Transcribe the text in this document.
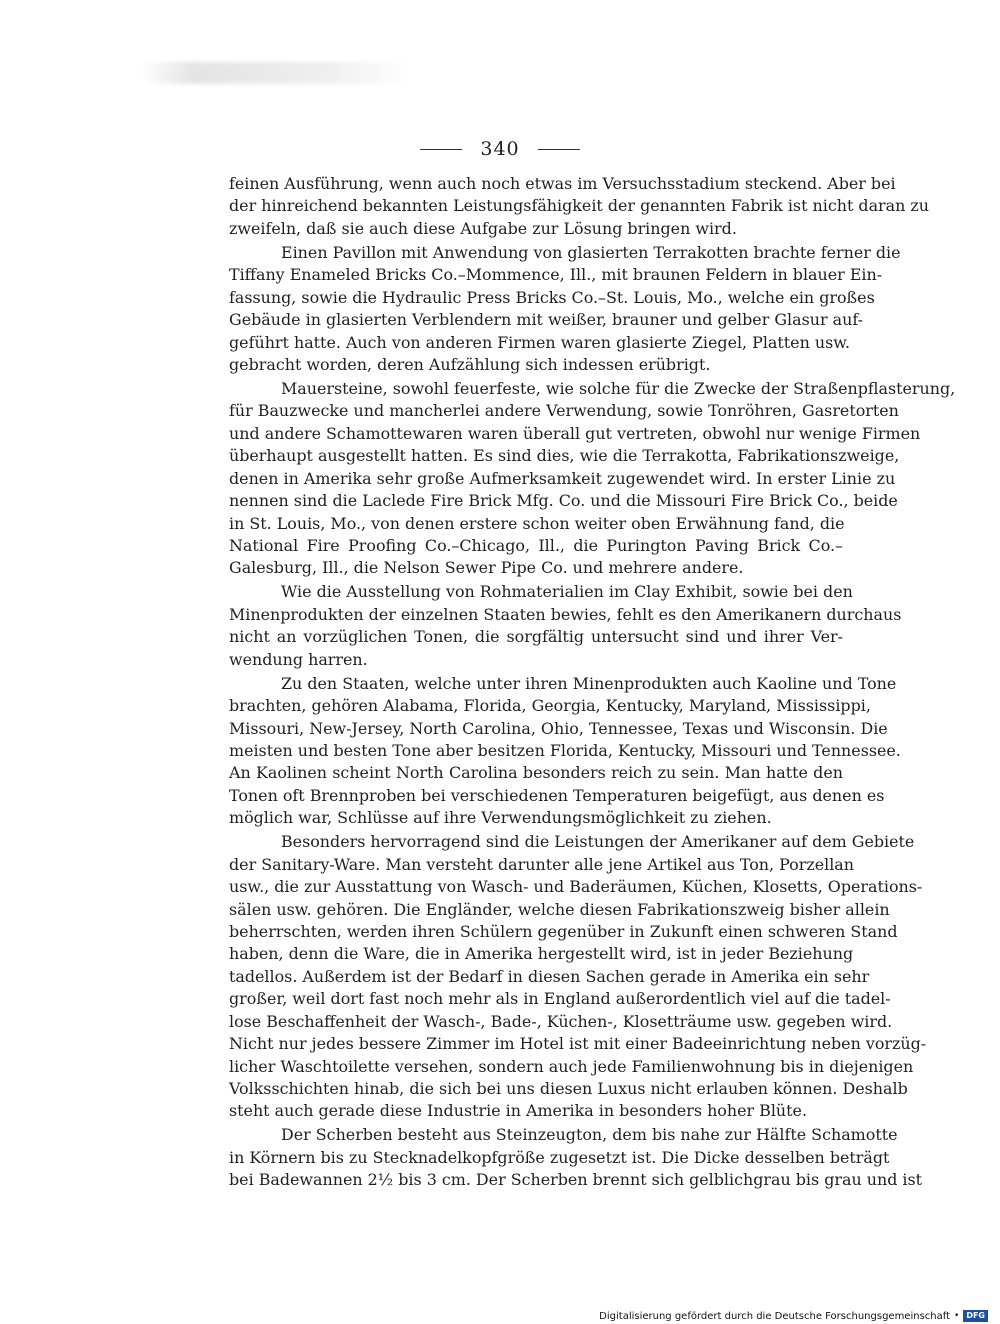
340
feinen Ausführung, wenn auch noch etwas im Versuchsstadium steckend. Aber bei
der hinreichend bekannten Leistungsfähigkeit der genannten Fabrik ist nicht daran zu
zweifeln, daß sie auch diese Aufgabe zur Lösung bringen wird.
Einen Pavillon mit Anwendung von glasierten Terrakotten brachte ferner die
Tiffany Enameled Bricks Co.–Mommence, Ill., mit braunen Feldern in blauer Ein-
fassung, sowie die Hydraulic Press Bricks Co.–St. Louis, Mo., welche ein großes
Gebäude in glasierten Verblendern mit weißer, brauner und gelber Glasur auf-
geführt hatte. Auch von anderen Firmen waren glasierte Ziegel, Platten usw.
gebracht worden, deren Aufzählung sich indessen erübrigt.
Mauersteine, sowohl feuerfeste, wie solche für die Zwecke der Straßenpflasterung,
für Bauzwecke und mancherlei andere Verwendung, sowie Tonröhren, Gasretorten
und andere Schamottewaren waren überall gut vertreten, obwohl nur wenige Firmen
überhaupt ausgestellt hatten. Es sind dies, wie die Terrakotta, Fabrikationszweige,
denen in Amerika sehr große Aufmerksamkeit zugewendet wird. In erster Linie zu
nennen sind die Laclede Fire Brick Mfg. Co. und die Missouri Fire Brick Co., beide
in St. Louis, Mo., von denen erstere schon weiter oben Erwähnung fand, die
National Fire Proofing Co.–Chicago, Ill., die Purington Paving Brick Co.–
Galesburg, Ill., die Nelson Sewer Pipe Co. und mehrere andere.
Wie die Ausstellung von Rohmaterialien im Clay Exhibit, sowie bei den
Minenprodukten der einzelnen Staaten bewies, fehlt es den Amerikanern durchaus
nicht an vorzüglichen Tonen, die sorgfältig untersucht sind und ihrer Ver-
wendung harren.
Zu den Staaten, welche unter ihren Minenprodukten auch Kaoline und Tone
brachten, gehören Alabama, Florida, Georgia, Kentucky, Maryland, Mississippi,
Missouri, New-Jersey, North Carolina, Ohio, Tennessee, Texas und Wisconsin. Die
meisten und besten Tone aber besitzen Florida, Kentucky, Missouri und Tennessee.
An Kaolinen scheint North Carolina besonders reich zu sein. Man hatte den
Tonen oft Brennproben bei verschiedenen Temperaturen beigefügt, aus denen es
möglich war, Schlüsse auf ihre Verwendungsmöglichkeit zu ziehen.
Besonders hervorragend sind die Leistungen der Amerikaner auf dem Gebiete
der Sanitary-Ware. Man versteht darunter alle jene Artikel aus Ton, Porzellan
usw., die zur Ausstattung von Wasch- und Baderäumen, Küchen, Klosetts, Operations-
sälen usw. gehören. Die Engländer, welche diesen Fabrikationszweig bisher allein
beherrschten, werden ihren Schülern gegenüber in Zukunft einen schweren Stand
haben, denn die Ware, die in Amerika hergestellt wird, ist in jeder Beziehung
tadellos. Außerdem ist der Bedarf in diesen Sachen gerade in Amerika ein sehr
großer, weil dort fast noch mehr als in England außerordentlich viel auf die tadel-
lose Beschaffenheit der Wasch-, Bade-, Küchen-, Klosetträume usw. gegeben wird.
Nicht nur jedes bessere Zimmer im Hotel ist mit einer Badeeinrichtung neben vorzüg-
licher Waschtoilette versehen, sondern auch jede Familienwohnung bis in diejenigen
Volksschichten hinab, die sich bei uns diesen Luxus nicht erlauben können. Deshalb
steht auch gerade diese Industrie in Amerika in besonders hoher Blüte.
Der Scherben besteht aus Steinzeugton, dem bis nahe zur Hälfte Schamotte
in Körnern bis zu Stecknadelkopfgröße zugesetzt ist. Die Dicke desselben beträgt
bei Badewannen 2½ bis 3 cm. Der Scherben brennt sich gelblichgrau bis grau und ist
Digitalisierung gefördert durch die Deutsche Forschungsgemeinschaft • DFG
